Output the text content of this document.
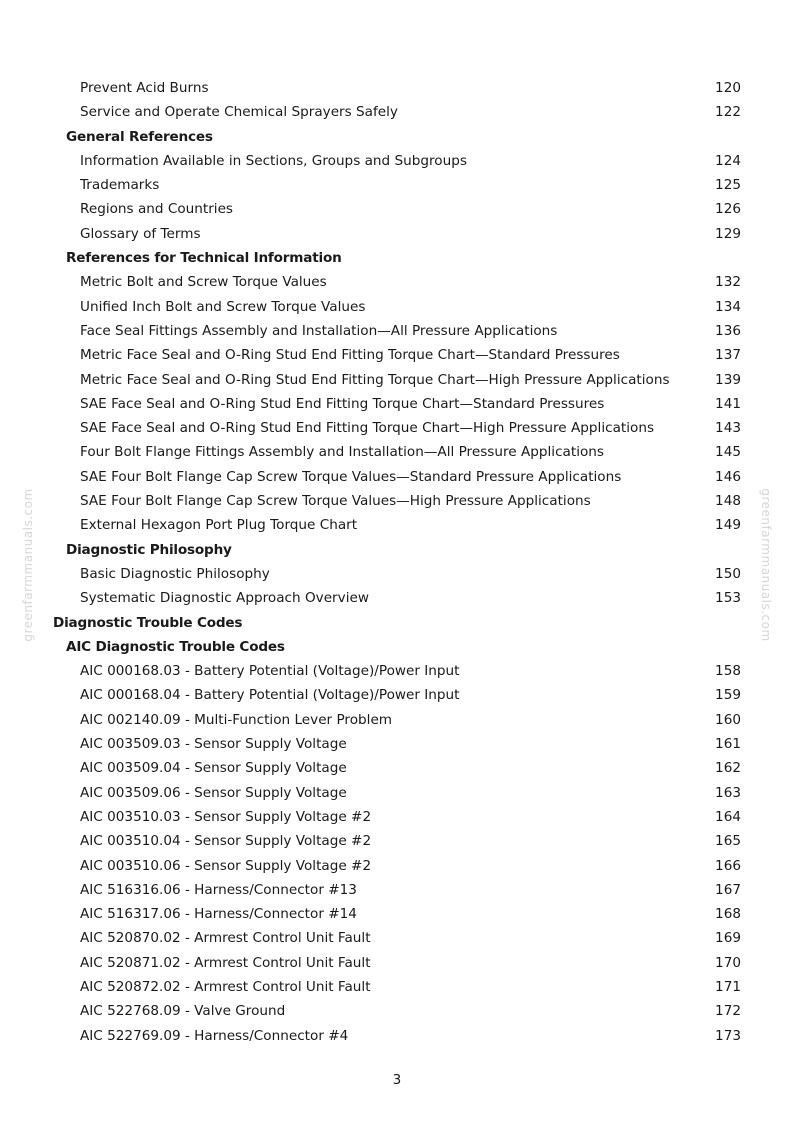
Prevent Acid Burns	120
Service and Operate Chemical Sprayers Safely	122
General References
Information Available in Sections, Groups and Subgroups	124
Trademarks	125
Regions and Countries	126
Glossary of Terms	129
References for Technical Information
Metric Bolt and Screw Torque Values	132
Unified Inch Bolt and Screw Torque Values	134
Face Seal Fittings Assembly and Installation—All Pressure Applications	136
Metric Face Seal and O-Ring Stud End Fitting Torque Chart—Standard Pressures	137
Metric Face Seal and O-Ring Stud End Fitting Torque Chart—High Pressure Applications	139
SAE Face Seal and O-Ring Stud End Fitting Torque Chart—Standard Pressures	141
SAE Face Seal and O-Ring Stud End Fitting Torque Chart—High Pressure Applications	143
Four Bolt Flange Fittings Assembly and Installation—All Pressure Applications	145
SAE Four Bolt Flange Cap Screw Torque Values—Standard Pressure Applications	146
SAE Four Bolt Flange Cap Screw Torque Values—High Pressure Applications	148
External Hexagon Port Plug Torque Chart	149
Diagnostic Philosophy
Basic Diagnostic Philosophy	150
Systematic Diagnostic Approach Overview	153
Diagnostic Trouble Codes
AIC Diagnostic Trouble Codes
AIC 000168.03 - Battery Potential (Voltage)/Power Input	158
AIC 000168.04 - Battery Potential (Voltage)/Power Input	159
AIC 002140.09 - Multi-Function Lever Problem	160
AIC 003509.03 - Sensor Supply Voltage	161
AIC 003509.04 - Sensor Supply Voltage	162
AIC 003509.06 - Sensor Supply Voltage	163
AIC 003510.03 - Sensor Supply Voltage #2	164
AIC 003510.04 - Sensor Supply Voltage #2	165
AIC 003510.06 - Sensor Supply Voltage #2	166
AIC 516316.06 - Harness/Connector #13	167
AIC 516317.06 - Harness/Connector #14	168
AIC 520870.02 - Armrest Control Unit Fault	169
AIC 520871.02 - Armrest Control Unit Fault	170
AIC 520872.02 - Armrest Control Unit Fault	171
AIC 522768.09 - Valve Ground	172
AIC 522769.09 - Harness/Connector #4	173
greenfarmmanuals.com	greenfarmmanuals.com
3
